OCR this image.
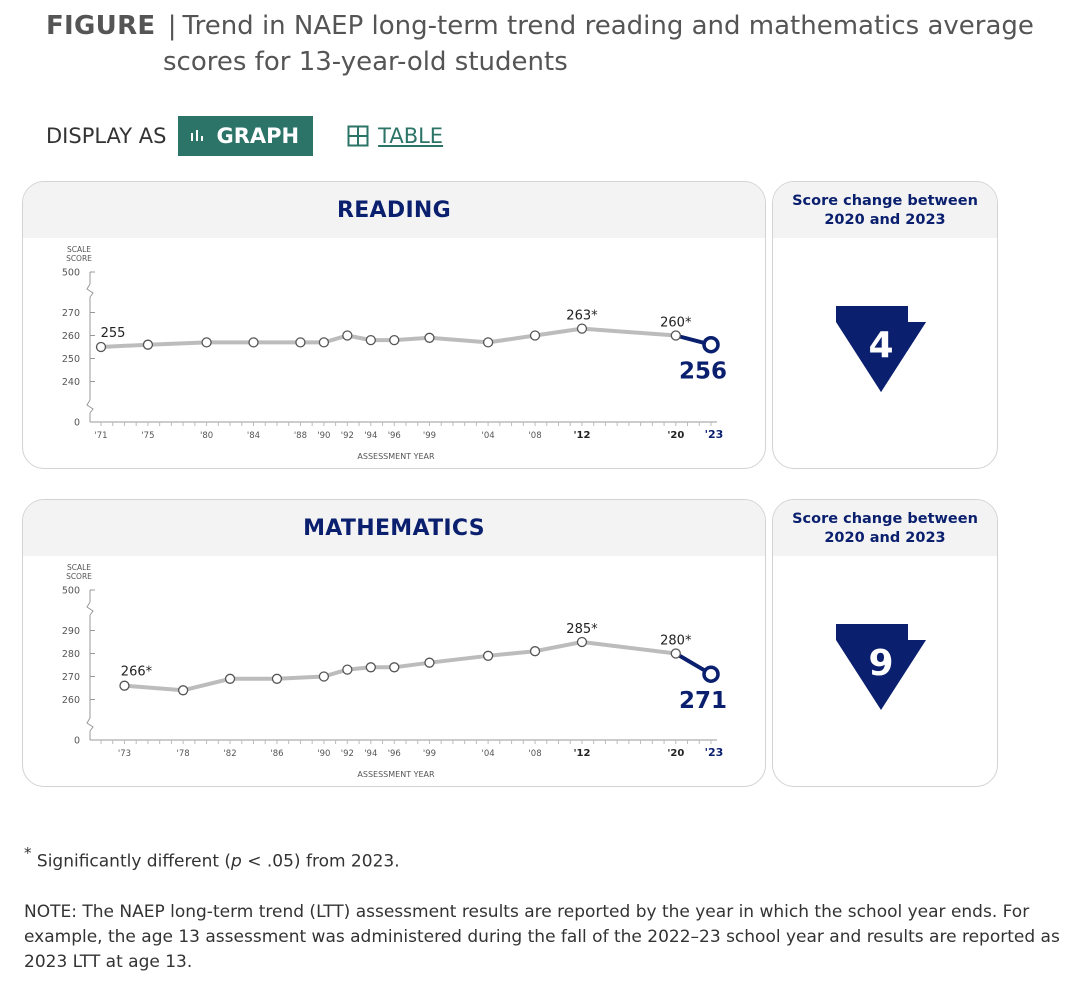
FIGURE | Trend in NAEP long-term trend reading and mathematics average
scores for 13-year-old students
DISPLAY AS GRAPH	TABLE
READING
SCALE
SCORE
500
270
260
250
240
0
'71	'75	'80	'84	'88 '90 '92 '94 '96	'99	'04	'08	'12	'20 '23
ASSESSMENT YEAR
255
263*	260*
256
Score change between
2020 and 2023
4
MATHEMATICS
SCALE
SCORE
500
290
280
270
260
0
'73	'78	'82	'86	'90 '92 '94 '96	'99	'04	'08	'12	'20 '23
ASSESSMENT YEAR
266*
285*
280*
271
Score change between
2020 and 2023
9
* Significantly different (p < .05) from 2023.
NOTE: The NAEP long-term trend (LTT) assessment results are reported by the year in which the school year ends. For example, the age 13 assessment was administered during the fall of the 2022–23 school year and results are reported as 2023 LTT at age 13.
